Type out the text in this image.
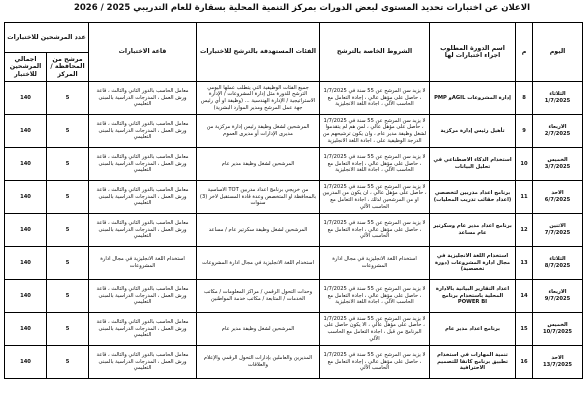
الاعلان عن اختبارات تحديد المستوى لبعض الدورات بمركز التنمية المحلية بسقارة للعام التدريبي 2025 / 2026
اليوم	م	اسم الدورة المطلوب اجراء اختبارات لها	الشروط الخاصة بالترشح	الفئات المستهدفة بالترشح للاختبارات	قاعة الاختبارات	عدد المرشحين للاختبارات	
						مرشح من المحافظة / المركز	اجمالي المرشحين للاختبار
الثلاثاء
1/7/2025	8	إدارة المشروعات AGILو PMP	لا يزيد سن المرشح عن 55 سنة في 1/7/2025 ، حاصل على مؤهل عالي ، إجادة التعامل مع الحاسب الآلي ، اجادة اللغة الانجليزية	جميع الفئات الوظيفية التي يتطلب عملها اليومي الترشح للدورة مثل إدارة المشروعات / الإدارة الاستراتيجية / الإدارة الهندسية ... (وظيفة او أي رئيس جهة عمل المرشح ومدير الموارد البشرية)	معامل الحاسب بالدور الثاني والثالث ، قاعة ورش العمل ، المدرجات الدراسية بالمبنى التعليمي	5	140
الاربعاء
2/7/2025	9	تأهيل رئيس إدارة مركزية	لا يزيد سن المرشح عن 55 سنة في 1/7/2025 ، حاصل على مؤهل عالي ، لمن هم لم يتقدموا لشغل وظيفة مدير عام ، وان يكون ترشيحهم من الدرجة الوظيفية على ، اجادة اللغة الانجليزية	المرشحين لشغل وظيفة رئيس إدارة مركزية من مديرى الإدارات أو مديرى العموم	معامل الحاسب بالدور الثاني والثالث ، قاعة ورش العمل ، المدرجات الدراسية بالمبنى التعليمي	5	140
الخميس
3/7/2025	10	استخدام الذكاء الاصطناعي في تحليل البيانات	لا يزيد سن المرشح عن 55 سنة في 1/7/2025 ، حاصل على مؤهل عالي ، إجادة التعامل مع الحاسب الآلي ، اجادة اللغة الانجليزية	المرشحين لشغل وظيفة مدير عام	معامل الحاسب بالدور الثاني والثالث ، قاعة ورش العمل ، المدرجات الدراسية بالمبنى التعليمي	5	140
الاحد
6/7/2025	11	برنامج اعداد مدربين لتخصصي (اعداد حقائب تدريب المحليات)	لا يزيد سن المرشح عن 55 سنة في 1/7/2025 ، حاصل على مؤهل عالي ، ان يكون من المدربين او من المرشحين لذلك ، اجادة التعامل مع الحاسب الآلي	من خريجي برنامج اعداد مدربين TOT الاساسية بالمحافظة او المتخصص وعدة قادة المستقبل لاخر (3) سنوات	معامل الحاسب بالدور الثاني والثالث ، قاعة ورش العمل ، المدرجات الدراسية بالمبنى التعليمي	5	140
الاثنين
7/7/2025	12	برنامج اعداد مدير عام وسكرتير عام مساعد	لا يزيد سن المرشح عن 55 سنة في 1/7/2025 ، حاصل على مؤهل عالي ، اجادة التعامل مع الحاسب الآلي	المرشحين لشغل وظيفة سكرتير عام / مساعد	معامل الحاسب بالدور الثاني والثالث ، قاعة ورش العمل ، المدرجات الدراسية بالمبنى التعليمي	5	140
الثلاثاء
8/7/2025	13	استخدام اللغة الانجليزية في مجال ادارة المشروعات (دورة تخصصية)	استخدام اللغة الانجليزية في مجال ادارة المشروعات	استخدام اللغة الانجليزية في مجال ادارة المشروعات	استخدام اللغة الانجليزية في مجال ادارة المشروعات	5	140
الاربعاء
9/7/2025	14	اعداد التقارير البيانية بالادارة المحلية باستخدام برنامج POWER BI	لا يزيد سن المرشح عن 55 سنة في 1/7/2025 ، حاصل على مؤهل عالي ، اجادة التعامل مع الحاسب الآلي ، اجادة اللغة الانجليزية	وحدات التحول الرقمي / مراكز المعلومات / مكاتب الخدمات / المتابعة / مكاتب خدمة المواطنين	معامل الحاسب بالدور الثاني والثالث ، قاعة ورش العمل ، المدرجات الدراسية بالمبنى التعليمي	5	140
الخميس
10/7/2025	15	برنامج اعداد مدير عام	لا يزيد سن المرشح عن 55 سنة في 1/7/2025 ، حاصل على مؤهل عالي ، الا يكون حاصل على البرنامج من قبل ، اجادة التعامل مع الحاسب الآلي	المرشحين لشغل وظيفة مدير عام	معامل الحاسب بالدور الثاني والثالث ، قاعة ورش العمل ، المدرجات الدراسية بالمبنى التعليمي	5	140
الاحد
13/7/2025	16	تنمية المهارات في استخدام تطبيق برنامج كانفا للتصميم الاحترافية	لا يزيد سن المرشح عن 55 سنة في 1/7/2025 ، حاصل على مؤهل عالي ، إجادة التعامل مع الحاسب الآلي	المديرين والعاملين بإدارات التحول الرقمي والإعلام والعلاقات	معامل الحاسب بالدور الثاني والثالث ، قاعة ورش العمل ، المدرجات الدراسية بالمبنى التعليمي	5	140
